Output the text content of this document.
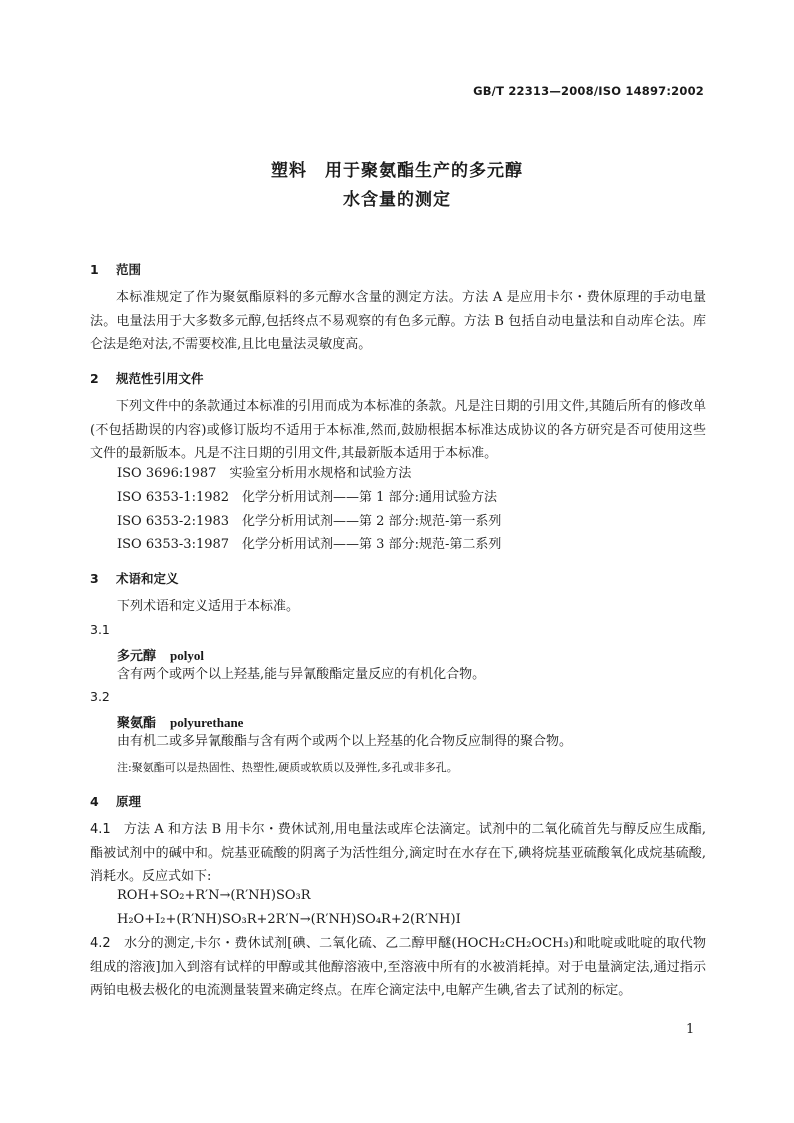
GB/T 22313—2008/ISO 14897:2002
塑料　用于聚氨酯生产的多元醇
水含量的测定
1 范围
本标准规定了作为聚氨酯原料的多元醇水含量的测定方法。方法 A 是应用卡尔・费休原理的手动电量法。电量法用于大多数多元醇,包括终点不易观察的有色多元醇。方法 B 包括自动电量法和自动库仑法。库仑法是绝对法,不需要校准,且比电量法灵敏度高。
2 规范性引用文件
下列文件中的条款通过本标准的引用而成为本标准的条款。凡是注日期的引用文件,其随后所有的修改单(不包括勘误的内容)或修订版均不适用于本标准,然而,鼓励根据本标准达成协议的各方研究是否可使用这些文件的最新版本。凡是不注日期的引用文件,其最新版本适用于本标准。
ISO 3696:1987　实验室分析用水规格和试验方法
ISO 6353-1:1982　化学分析用试剂——第 1 部分:通用试验方法
ISO 6353-2:1983　化学分析用试剂——第 2 部分:规范-第一系列
ISO 6353-3:1987　化学分析用试剂——第 3 部分:规范-第二系列
3 术语和定义
下列术语和定义适用于本标准。
3.1
多元醇 polyol
含有两个或两个以上羟基,能与异氰酸酯定量反应的有机化合物。
3.2
聚氨酯 polyurethane
由有机二或多异氰酸酯与含有两个或两个以上羟基的化合物反应制得的聚合物。
注:聚氨酯可以是热固性、热塑性,硬质或软质以及弹性,多孔或非多孔。
4 原理
4.1　 方法 A 和方法 B 用卡尔・费休试剂,用电量法或库仑法滴定。试剂中的二氧化硫首先与醇反应生成酯,酯被试剂中的碱中和。烷基亚硫酸的阴离子为活性组分,滴定时在水存在下,碘将烷基亚硫酸氧化成烷基硫酸,消耗水。反应式如下:
ROH+SO₂+R′N→(R′NH)SO₃R
H₂O+I₂+(R′NH)SO₃R+2R′N→(R′NH)SO₄R+2(R′NH)I
4.2　 水分的测定,卡尔・费休试剂[碘、二氧化硫、乙二醇甲醚(HOCH₂CH₂OCH₃)和吡啶或吡啶的取代物组成的溶液]加入到溶有试样的甲醇或其他醇溶液中,至溶液中所有的水被消耗掉。对于电量滴定法,通过指示两铂电极去极化的电流测量装置来确定终点。在库仑滴定法中,电解产生碘,省去了试剂的标定。
1
